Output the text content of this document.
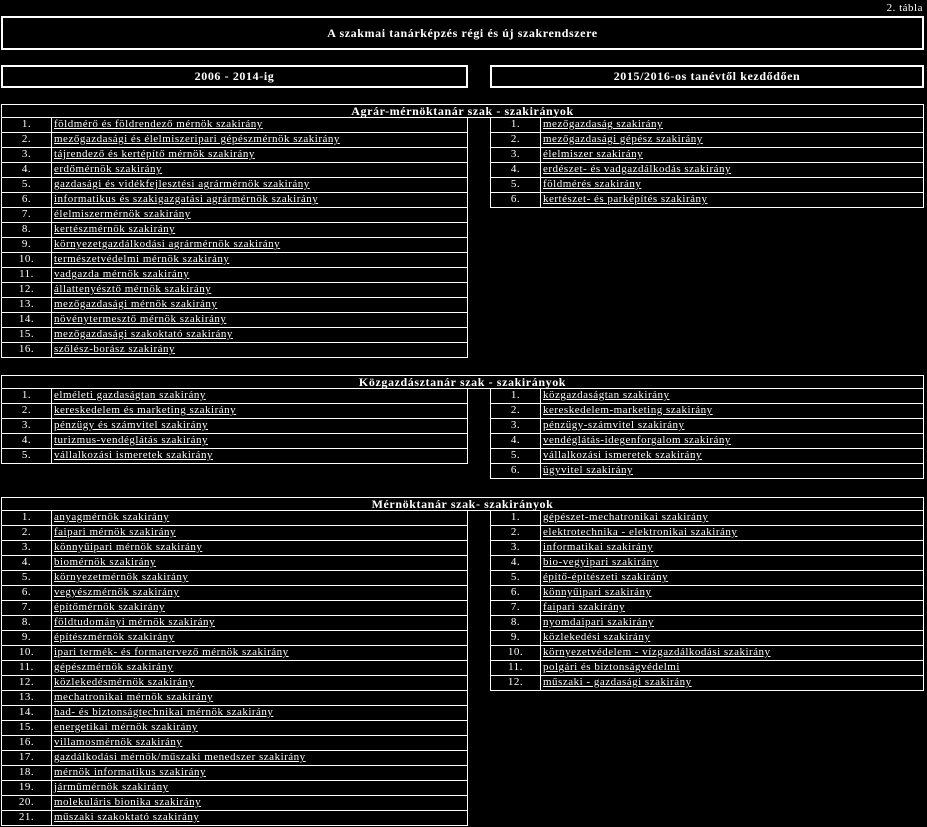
2. tábla
A szakmai tanárképzés régi és új szakrendszere
2006 - 2014-ig	2015/2016-os tanévtől kezdődően
Agrár-mérnöktanár szak - szakirányok
1.	földmérő és földrendező mérnök szakirány
2.	mezőgazdasági és élelmiszeripari gépészmérnök szakirány
3.	tájrendező és kertépítő mérnök szakirány
4.	erdőmérnök szakirány
5.	gazdasági és vidékfejlesztési agrármérnök szakirány
6.	informatikus és szakigazgatási agrármérnök szakirány
7.	élelmiszermérnök szakirány
8.	kertészmérnök szakirány
9.	környezetgazdálkodási agrármérnök szakirány
10.	természetvédelmi mérnök szakirány
11.	vadgazda mérnök szakirány
12.	állattenyésztő mérnök szakirány
13.	mezőgazdasági mérnök szakirány
14.	növénytermesztő mérnök szakirány
15.	mezőgazdasági szakoktató szakirány
16.	szőlész-borász szakirány
1.	mezőgazdaság szakirány
2.	mezőgazdasági gépész szakirány
3.	élelmiszer szakirány
4.	erdészet- és vadgazdálkodás szakirány
5.	földmérés szakirány
6.	kertészet- és parképítés szakirány
Közgazdásztanár szak - szakirányok
1.	elméleti gazdaságtan szakirány
2.	kereskedelem és marketing szakirány
3.	pénzügy és számvitel szakirány
4.	turizmus-vendéglátás szakirány
5.	vállalkozási ismeretek szakirány
1.	közgazdaságtan szakirány
2.	kereskedelem-marketing szakirány
3.	pénzügy-számvitel szakirány
4.	vendéglátás-idegenforgalom szakirány
5.	vállalkozási ismeretek szakirány
6.	ügyvitel szakirány
Mérnöktanár szak- szakirányok
1.	anyagmérnök szakirány
2.	faipari mérnök szakirány
3.	könnyűipari mérnök szakirány
4.	biomérnök szakirány
5.	környezetmérnök szakirány
6.	vegyészmérnök szakirány
7.	építőmérnök szakirány
8.	földtudományi mérnök szakirány
9.	építészmérnök szakirány
10.	ipari termék- és formatervező mérnök szakirány
11.	gépészmérnök szakirány
12.	közlekedésmérnök szakirány
13.	mechatronikai mérnök szakirány
14.	had- és biztonságtechnikai mérnök szakirány
15.	energetikai mérnök szakirány
16.	villamosmérnök szakirány
17.	gazdálkodási mérnök/műszaki menedszer szakirány
18.	mérnök informatikus szakirány
19.	járműmérnök szakirány
20.	molekuláris bionika szakirány
21.	műszaki szakoktató szakirány
1.	gépészet-mechatronikai szakirány
2.	elektrotechnika - elektronikai szakirány
3.	informatikai szakirány
4.	bio-vegyipari szakirány
5.	építő-építészeti szakirány
6.	könnyűipari szakirány
7.	faipari szakirány
8.	nyomdaipari szakirány
9.	közlekedési szakirány
10.	környezetvédelem - vízgazdálkodási szakirány
11.	polgári és biztonságvédelmi
12.	műszaki - gazdasági szakirány
